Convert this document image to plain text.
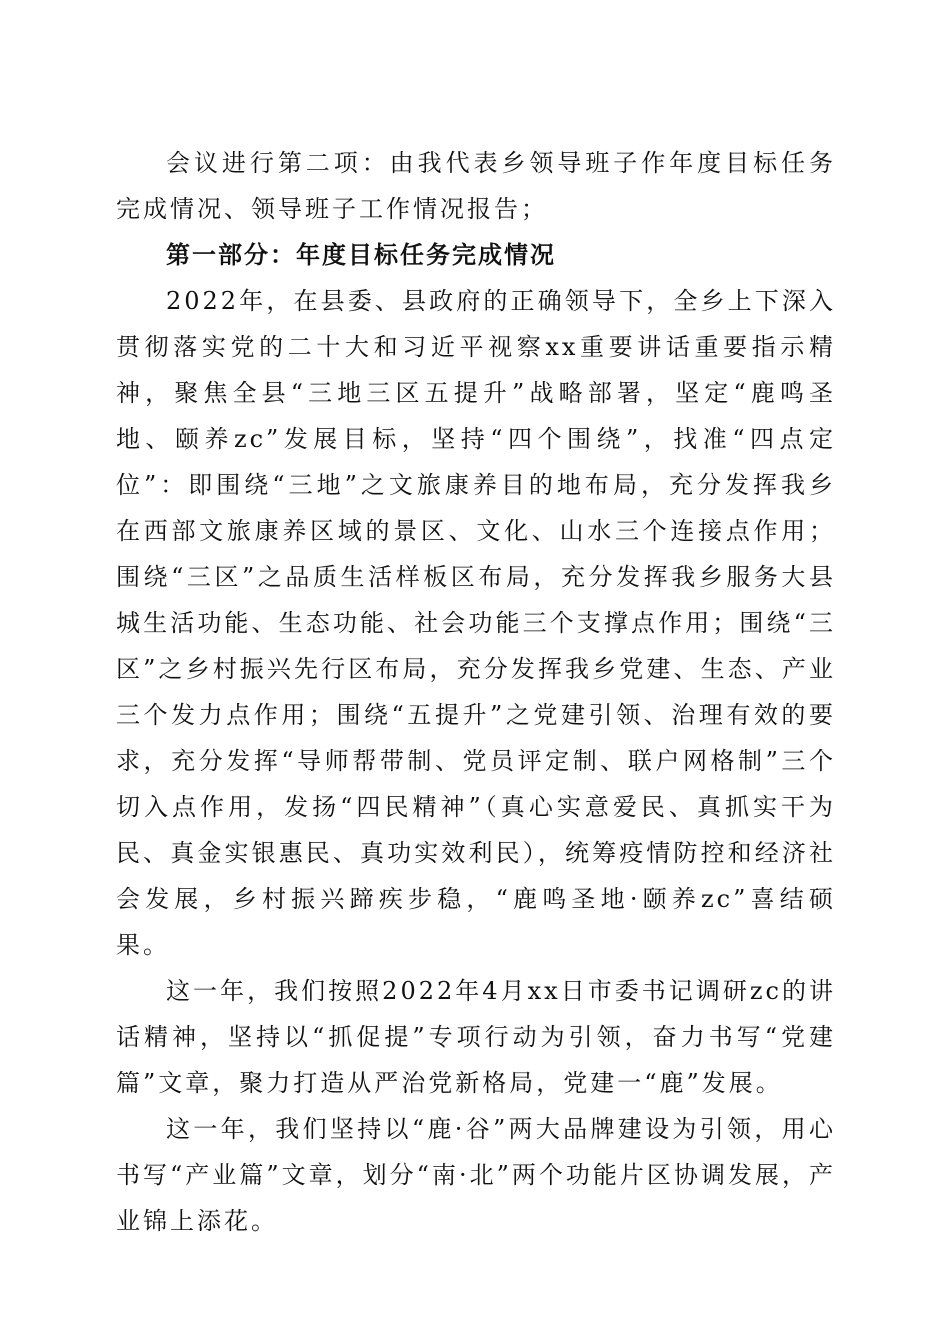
会议进行第二项：由我代表乡领导班子作年度目标任务完成情况、领导班子工作情况报告；

第一部分：年度目标任务完成情况

2022年，在县委、县政府的正确领导下，全乡上下深入贯彻落实党的二十大和习近平视察xx重要讲话重要指示精神，聚焦全县“三地三区五提升”战略部署，坚定“鹿鸣圣地、颐养zc”发展目标，坚持“四个围绕”，找准“四点定位”：即围绕“三地”之文旅康养目的地布局，充分发挥我乡在西部文旅康养区域的景区、文化、山水三个连接点作用；围绕“三区”之品质生活样板区布局，充分发挥我乡服务大县城生活功能、生态功能、社会功能三个支撑点作用；围绕“三区”之乡村振兴先行区布局，充分发挥我乡党建、生态、产业三个发力点作用；围绕“五提升”之党建引领、治理有效的要求，充分发挥“导师帮带制、党员评定制、联户网格制”三个切入点作用，发扬“四民精神”（真心实意爱民、真抓实干为民、真金实银惠民、真功实效利民），统筹疫情防控和经济社会发展，乡村振兴蹄疾步稳，“鹿鸣圣地·颐养zc”喜结硕果。

这一年，我们按照2022年4月xx日市委书记调研zc的讲话精神，坚持以“抓促提”专项行动为引领，奋力书写“党建篇”文章，聚力打造从严治党新格局，党建一“鹿”发展。

这一年，我们坚持以“鹿·谷”两大品牌建设为引领，用心书写“产业篇”文章，划分“南·北”两个功能片区协调发展，产业锦上添花。
